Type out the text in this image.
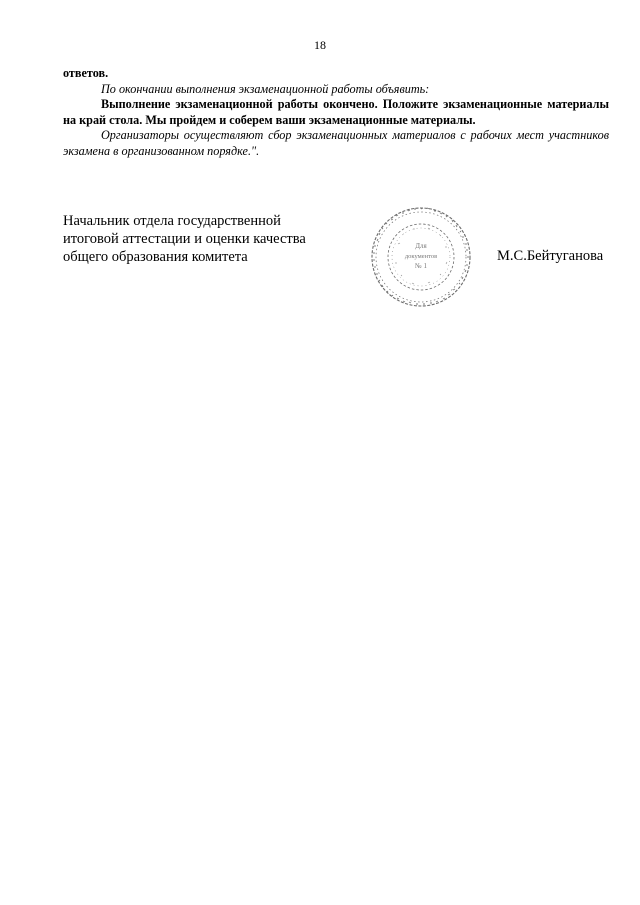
18

ответов.

По окончании выполнения экзаменационной работы объявить:

Выполнение экзаменационной работы окончено. Положите экзаменационные материалы на край стола. Мы пройдем и соберем ваши экзаменационные материалы.

Организаторы осуществляют сбор экзаменационных материалов с рабочих мест участников экзамена в организованном порядке.".

Начальник отдела государственной
итоговой аттестации и оценки качества
общего образования комитета
Для
документов
№ 1
М.С.Бейтуганова
